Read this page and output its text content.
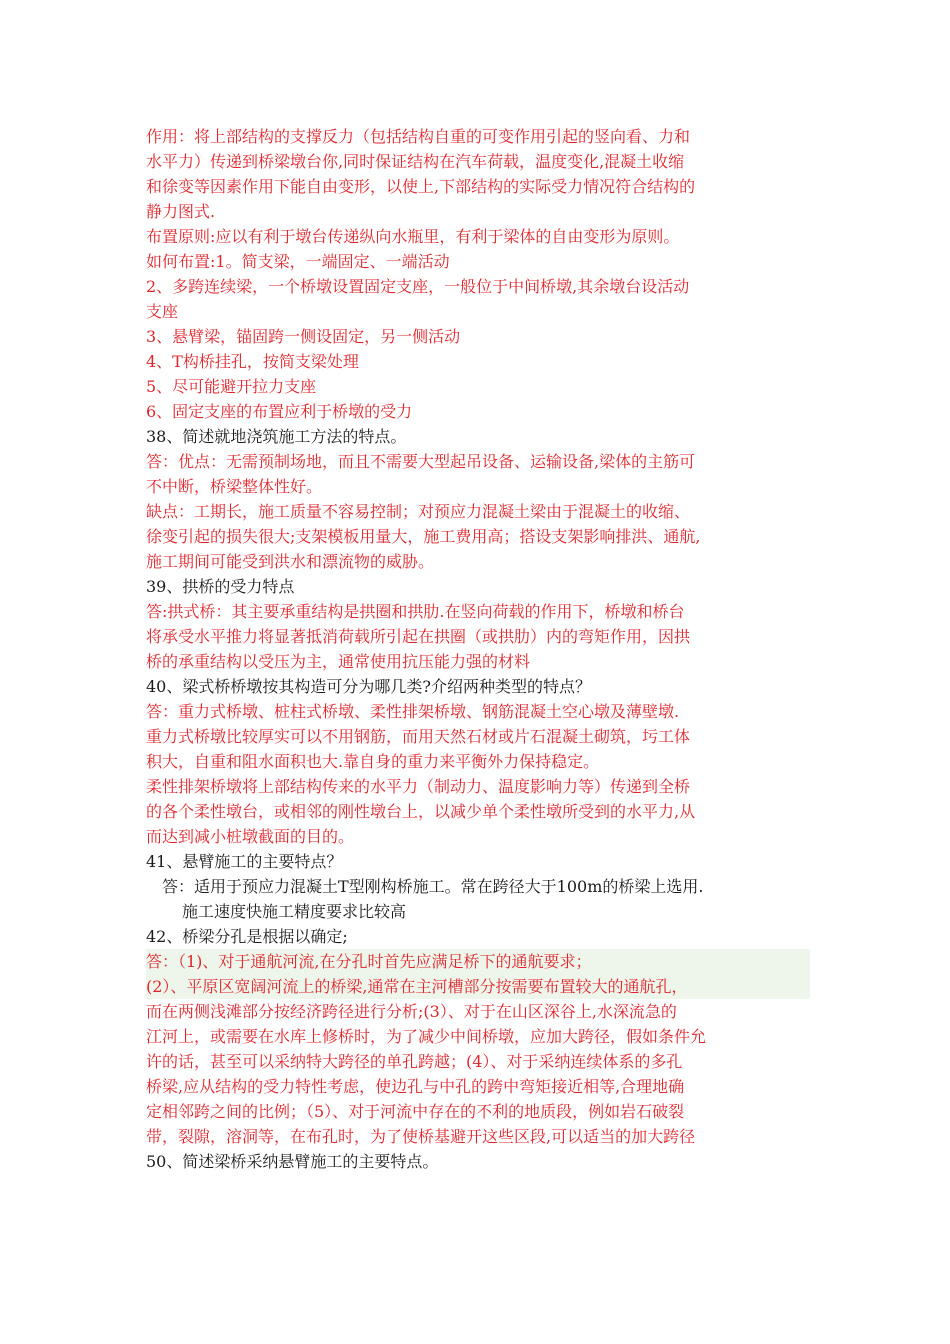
作用：将上部结构的支撑反力（包括结构自重的可变作用引起的竖向看、力和
水平力）传递到桥梁墩台你,同时保证结构在汽车荷载，温度变化,混凝土收缩
和徐变等因素作用下能自由变形，以使上,下部结构的实际受力情况符合结构的
静力图式.
布置原则:应以有利于墩台传递纵向水瓶里，有利于梁体的自由变形为原则。
如何布置:1。简支梁，一端固定、一端活动
2、多跨连续梁，一个桥墩设置固定支座，一般位于中间桥墩,其余墩台设活动
支座
3、悬臂梁，锚固跨一侧设固定，另一侧活动
4、T构桥挂孔，按简支梁处理
5、尽可能避开拉力支座
6、固定支座的布置应利于桥墩的受力
38、简述就地浇筑施工方法的特点。
答：优点：无需预制场地，而且不需要大型起吊设备、运输设备,梁体的主筋可
不中断，桥梁整体性好。
缺点：工期长，施工质量不容易控制；对预应力混凝土梁由于混凝土的收缩、
徐变引起的损失很大;支架模板用量大，施工费用高；搭设支架影响排洪、通航,
施工期间可能受到洪水和漂流物的威胁。
39、拱桥的受力特点
答:拱式桥：其主要承重结构是拱圈和拱肋.在竖向荷载的作用下，桥墩和桥台
将承受水平推力将显著抵消荷载所引起在拱圈（或拱肋）内的弯矩作用，因拱
桥的承重结构以受压为主，通常使用抗压能力强的材料
40、梁式桥桥墩按其构造可分为哪几类?介绍两种类型的特点？
答：重力式桥墩、桩柱式桥墩、柔性排架桥墩、钢筋混凝土空心墩及薄壁墩.
重力式桥墩比较厚实可以不用钢筋，而用天然石材或片石混凝土砌筑，圬工体
积大，自重和阻水面积也大.靠自身的重力来平衡外力保持稳定。
柔性排架桥墩将上部结构传来的水平力（制动力、温度影响力等）传递到全桥
的各个柔性墩台，或相邻的刚性墩台上，以减少单个柔性墩所受到的水平力,从
而达到减小桩墩截面的目的。
41、悬臂施工的主要特点？
答：适用于预应力混凝土T型刚构桥施工。常在跨径大于100m的桥梁上选用.
施工速度快施工精度要求比较高
42、桥梁分孔是根据以确定;
答：（1)、对于通航河流,在分孔时首先应满足桥下的通航要求；
(2）、平原区宽阔河流上的桥梁,通常在主河槽部分按需要布置较大的通航孔，
而在两侧浅滩部分按经济跨径进行分析;(3）、对于在山区深谷上,水深流急的
江河上，或需要在水库上修桥时，为了减少中间桥墩，应加大跨径，假如条件允
许的话，甚至可以采纳特大跨径的单孔跨越；(4）、对于采纳连续体系的多孔
桥梁,应从结构的受力特性考虑，使边孔与中孔的跨中弯矩接近相等,合理地确
定相邻跨之间的比例；（5）、对于河流中存在的不利的地质段，例如岩石破裂
带，裂隙，溶洞等，在布孔时，为了使桥基避开这些区段,可以适当的加大跨径
50、简述梁桥采纳悬臂施工的主要特点。
